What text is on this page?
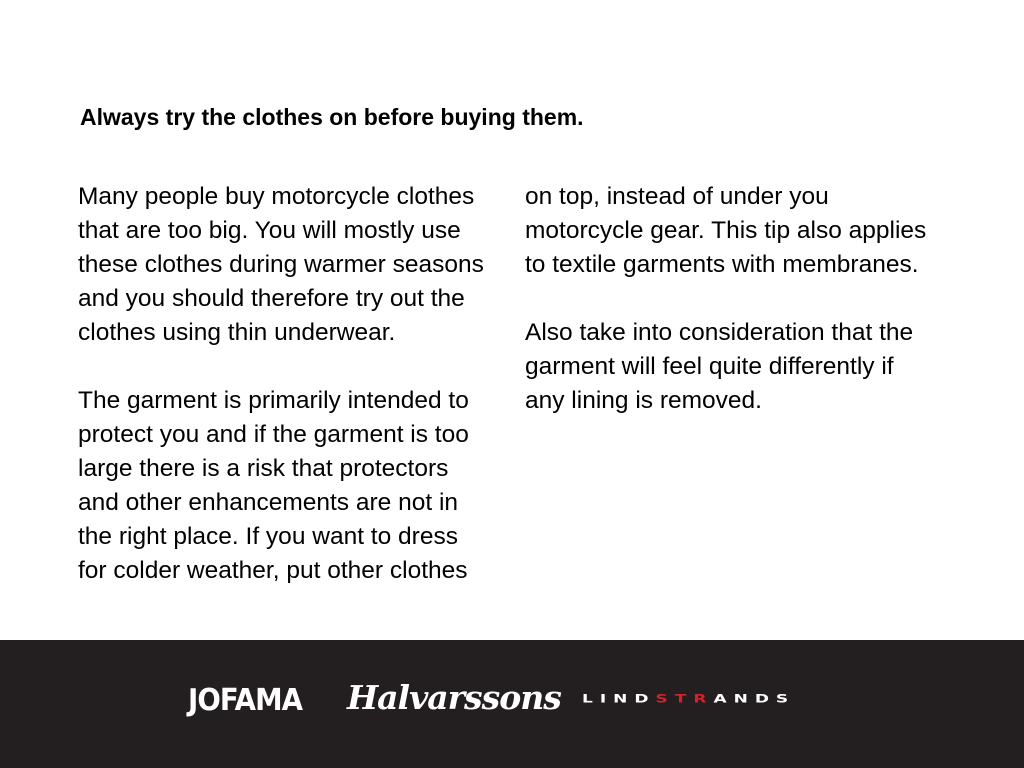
Always try the clothes on before buying them.

Many people buy motorcycle clothes that are too big. You will mostly use these clothes during warmer seasons and you should therefore try out the clothes using thin underwear.

The garment is primarily intended to protect you and if the garment is too large there is a risk that protectors and other enhancements are not in the right place. If you want to dress for colder weather, put other clothes on top, instead of under you motorcycle gear. This tip also applies to textile garments with membranes.

Also take into consideration that the garment will feel quite differently if any lining is removed.

JOFAMA Halvarssons LINDSTRANDS
